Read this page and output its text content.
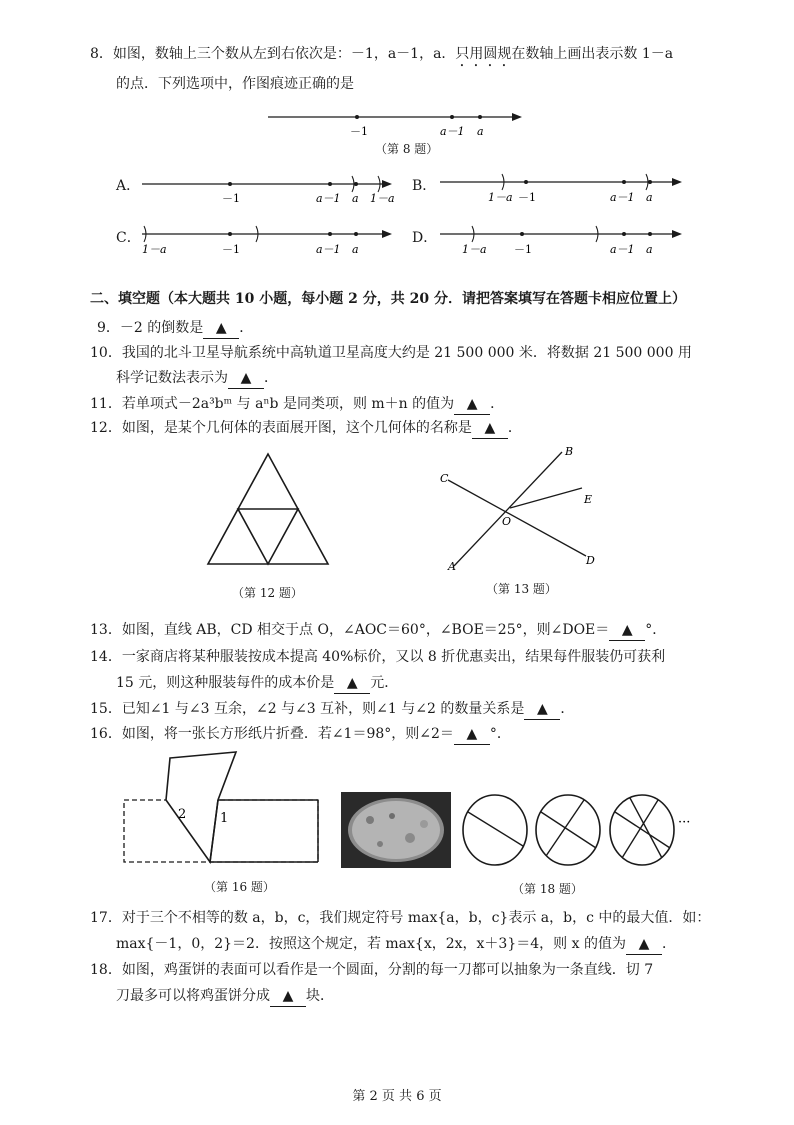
8．如图，数轴上三个数从左到右依次是：－1，a－1，a．只用圆规在数轴上画出表示数 1－a
的点．下列选项中，作图痕迹正确的是
－1	a－1 a
（第 8 题）
A．
－1	a－1 a 1－a
B．
1－a －1	a－1 a
C．
1－a	－1	a－1 a
D．
1－a －1	a－1 a
二、填空题（本大题共 10 小题，每小题 2 分，共 20 分．请把答案填写在答题卡相应位置上）
9．－2 的倒数是 ▲ ．
10．我国的北斗卫星导航系统中高轨道卫星高度大约是 21 500 000 米．将数据 21 500 000 用
科学记数法表示为 ▲ ．
11．若单项式－2a³bᵐ 与 aⁿb 是同类项，则 m＋n 的值为 ▲ ．
12．如图，是某个几何体的表面展开图，这个几何体的名称是 ▲ ．
（第 12 题）
C
B
E
O
A	D
（第 13 题）
13．如图，直线 AB，CD 相交于点 O，∠AOC＝60°，∠BOE＝25°，则∠DOE＝ ▲ °．
14．一家商店将某种服装按成本提高 40%标价，又以 8 折优惠卖出，结果每件服装仍可获利
15 元，则这种服装每件的成本价是 ▲ 元．
15．已知∠1 与∠3 互余，∠2 与∠3 互补，则∠1 与∠2 的数量关系是 ▲ ．
16．如图，将一张长方形纸片折叠．若∠1＝98°，则∠2＝ ▲ °．
2	1
（第 16 题）
···
（第 18 题）
17．对于三个不相等的数 a，b，c，我们规定符号 max{a，b，c}表示 a，b，c 中的最大值．如：
max{－1，0，2}＝2．按照这个规定，若 max{x，2x，x＋3}＝4，则 x 的值为 ▲ ．
18．如图，鸡蛋饼的表面可以看作是一个圆面，分割的每一刀都可以抽象为一条直线．切 7
刀最多可以将鸡蛋饼分成 ▲ 块．
第 2 页 共 6 页
